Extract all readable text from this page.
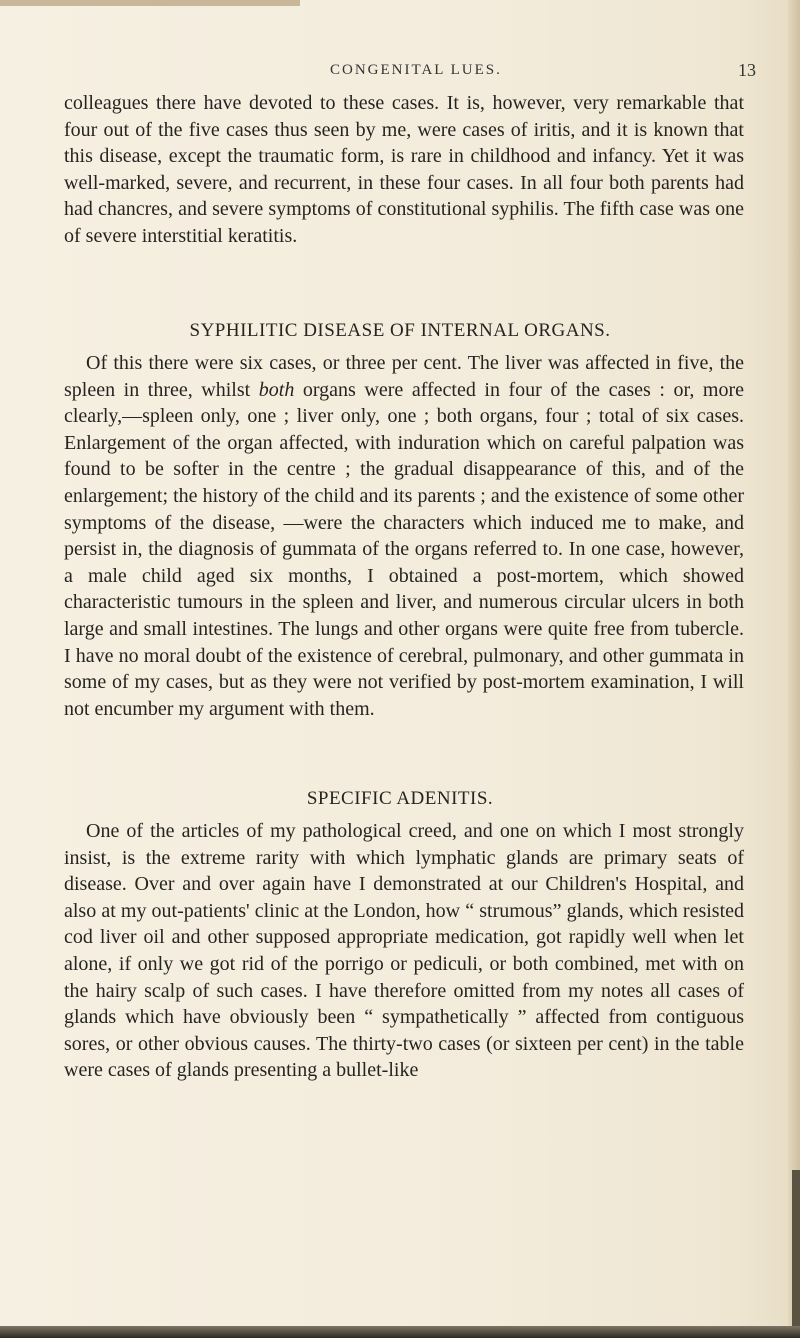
CONGENITAL LUES.	13

colleagues there have devoted to these cases. It is, however, very remarkable that four out of the five cases thus seen by me, were cases of iritis, and it is known that this disease, except the traumatic form, is rare in childhood and infancy. Yet it was well-marked, severe, and recurrent, in these four cases. In all four both parents had had chancres, and severe symptoms of constitutional syphilis. The fifth case was one of severe interstitial keratitis.

SYPHILITIC DISEASE OF INTERNAL ORGANS.

Of this there were six cases, or three per cent. The liver was affected in five, the spleen in three, whilst both organs were affected in four of the cases : or, more clearly,—spleen only, one ; liver only, one ; both organs, four ; total of six cases. Enlargement of the organ affected, with induration which on careful palpation was found to be softer in the centre ; the gradual disappearance of this, and of the enlargement; the history of the child and its parents ; and the existence of some other symptoms of the disease, —were the characters which induced me to make, and persist in, the diagnosis of gummata of the organs referred to. In one case, however, a male child aged six months, I obtained a post-mortem, which showed characteristic tumours in the spleen and liver, and numerous circular ulcers in both large and small intestines. The lungs and other organs were quite free from tubercle. I have no moral doubt of the existence of cerebral, pulmonary, and other gummata in some of my cases, but as they were not verified by post-mortem examination, I will not encumber my argument with them.

SPECIFIC ADENITIS.

One of the articles of my pathological creed, and one on which I most strongly insist, is the extreme rarity with which lymphatic glands are primary seats of disease. Over and over again have I demonstrated at our Children's Hospital, and also at my out-patients' clinic at the London, how “ strumous” glands, which resisted cod liver oil and other supposed appropriate medication, got rapidly well when let alone, if only we got rid of the porrigo or pediculi, or both combined, met with on the hairy scalp of such cases. I have therefore omitted from my notes all cases of glands which have obviously been “ sympathetically ” affected from contiguous sores, or other obvious causes. The thirty-two cases (or sixteen per cent) in the table were cases of glands presenting a bullet-like
